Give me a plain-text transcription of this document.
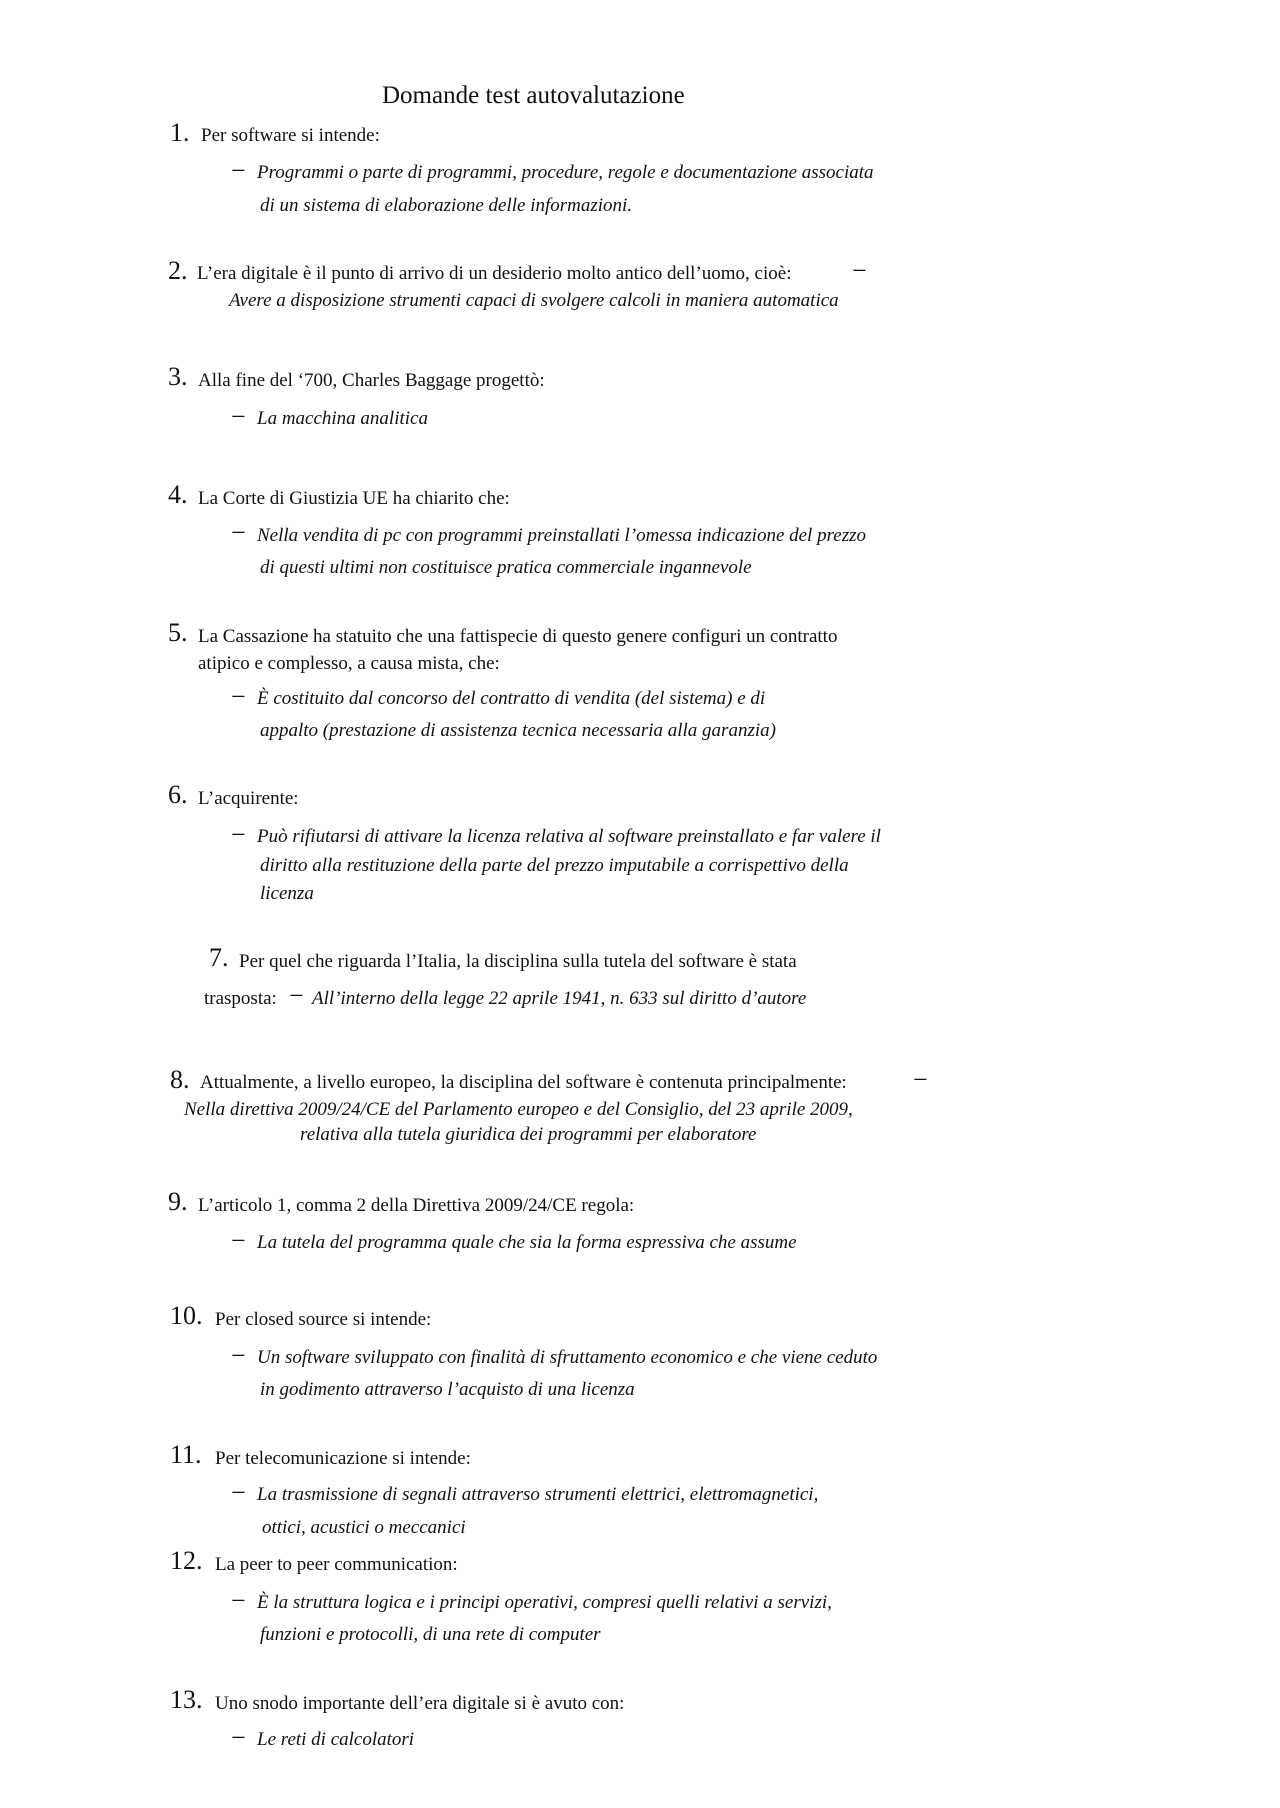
Domande test autovalutazione
1. Per software si intende:
− Programmi o parte di programmi, procedure, regole e documentazione associata
di un sistema di elaborazione delle informazioni.
2. L’era digitale è il punto di arrivo di un desiderio molto antico dell’uomo, cioè: −
Avere a disposizione strumenti capaci di svolgere calcoli in maniera automatica
3. Alla fine del ‘700, Charles Baggage progettò:
− La macchina analitica
4. La Corte di Giustizia UE ha chiarito che:
− Nella vendita di pc con programmi preinstallati l’omessa indicazione del prezzo
di questi ultimi non costituisce pratica commerciale ingannevole
5. La Cassazione ha statuito che una fattispecie di questo genere configuri un contratto
atipico e complesso, a causa mista, che:
− È costituito dal concorso del contratto di vendita (del sistema) e di
appalto (prestazione di assistenza tecnica necessaria alla garanzia)
6. L’acquirente:
− Può rifiutarsi di attivare la licenza relativa al software preinstallato e far valere il
diritto alla restituzione della parte del prezzo imputabile a corrispettivo della
licenza
7. Per quel che riguarda l’Italia, la disciplina sulla tutela del software è stata
trasposta: − All’interno della legge 22 aprile 1941, n. 633 sul diritto d’autore
8. Attualmente, a livello europeo, la disciplina del software è contenuta principalmente:	−
Nella direttiva 2009/24/CE del Parlamento europeo e del Consiglio, del 23 aprile 2009,
relativa alla tutela giuridica dei programmi per elaboratore
9. L’articolo 1, comma 2 della Direttiva 2009/24/CE regola:
− La tutela del programma quale che sia la forma espressiva che assume
10. Per closed source si intende:
− Un software sviluppato con finalità di sfruttamento economico e che viene ceduto
in godimento attraverso l’acquisto di una licenza
11. Per telecomunicazione si intende:
− La trasmissione di segnali attraverso strumenti elettrici, elettromagnetici,
ottici, acustici o meccanici
12. La peer to peer communication:
− È la struttura logica e i principi operativi, compresi quelli relativi a servizi,
funzioni e protocolli, di una rete di computer
13. Uno snodo importante dell’era digitale si è avuto con:
− Le reti di calcolatori
